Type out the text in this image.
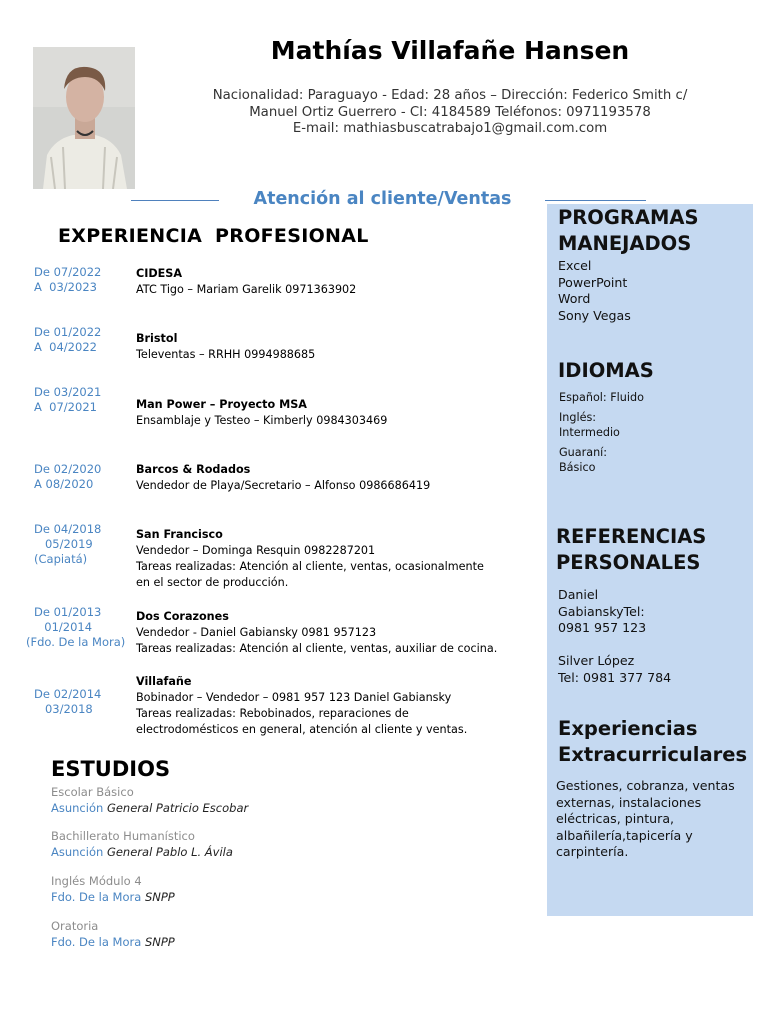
Mathías Villafañe Hansen
Nacionalidad: Paraguayo - Edad: 28 años – Dirección: Federico Smith c/
Manuel Ortiz Guerrero - CI: 4184589 Teléfonos: 0971193578
E-mail: mathiasbuscatrabajo1@gmail.com.com
Atención al cliente/Ventas
EXPERIENCIA PROFESIONAL
De 07/2022
A  03/2023
CIDESA
ATC Tigo – Mariam Garelik 0971363902
De 01/2022
A  04/2022
Bristol
Televentas – RRHH 0994988685
De 03/2021
A  07/2021	Man Power – Proyecto MSA
Ensamblaje y Testeo – Kimberly 0984303469
De 02/2020
A 08/2020
Barcos & Rodados
Vendedor de Playa/Secretario – Alfonso 0986686419
De 04/2018
05/2019
(Capiatá)
San Francisco
Vendedor – Dominga Resquin 0982287201
Tareas realizadas: Atención al cliente, ventas, ocasionalmente
en el sector de producción.
De 01/2013
01/2014
(Fdo. De la Mora)
Dos Corazones
Vendedor - Daniel Gabiansky 0981 957123
Tareas realizadas: Atención al cliente, ventas, auxiliar de cocina.
De 02/2014
03/2018
Villafañe
Bobinador – Vendedor – 0981 957 123 Daniel Gabiansky
Tareas realizadas: Rebobinados, reparaciones de
electrodomésticos en general, atención al cliente y ventas.
ESTUDIOS
Escolar Básico
Asunción General Patricio Escobar
Bachillerato Humanístico
Asunción General Pablo L. Ávila
Inglés Módulo 4
Fdo. De la Mora SNPP
Oratoria
Fdo. De la Mora SNPP
PROGRAMAS
MANEJADOS
Excel
PowerPoint
Word
Sony Vegas
IDIOMAS
Español: Fluido
Inglés:
Intermedio
Guaraní:
Básico
REFERENCIAS
PERSONALES
Daniel
GabianskyTel:
0981 957 123
Silver López
Tel: 0981 377 784
Experiencias
Extracurriculares
Gestiones, cobranza, ventas
externas, instalaciones
eléctricas, pintura,
albañilería,tapicería y
carpintería.
